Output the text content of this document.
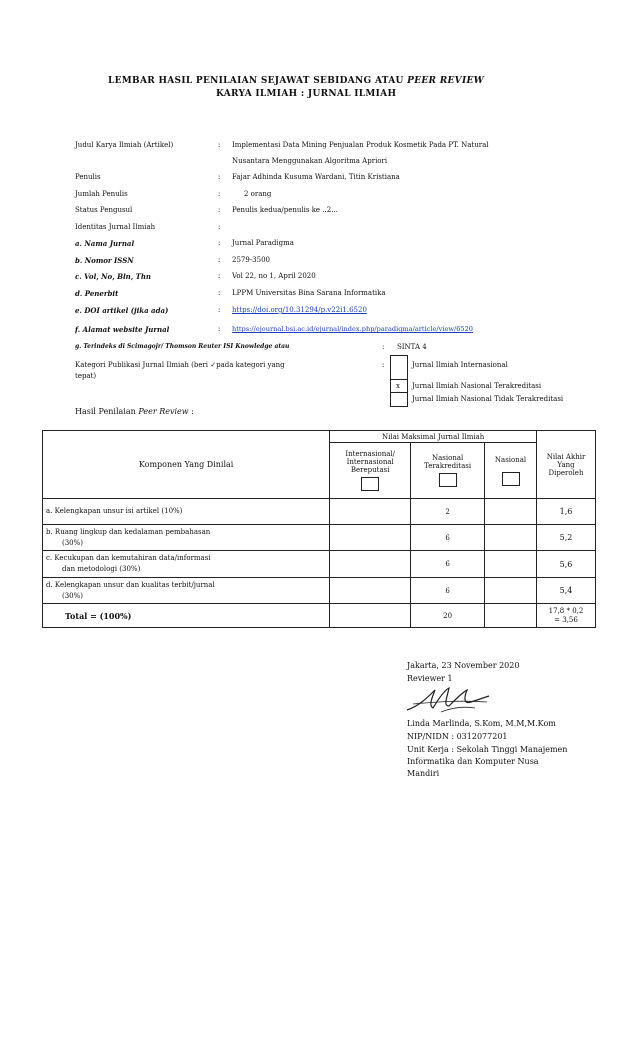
LEMBAR HASIL PENILAIAN SEJAWAT SEBIDANG ATAU PEER REVIEW
KARYA ILMIAH : JURNAL ILMIAH
Judul Karya Ilmiah (Artikel)	: Implementasi Data Mining Penjualan Produk Kosmetik Pada PT. Natural
Nusantara Menggunakan Algoritma Apriori
Penulis	: Fajar Adhinda Kusuma Wardani, Titin Kristiana
Jumlah Penulis	:	2 orang
Status Pengusul	: Penulis kedua/penulis ke ..2...
Identitas Jurnal Ilmiah	:
a. Nama Jurnal	: Jurnal Paradigma
b. Nomor ISSN	: 2579-3500
c. Vol, No, Bln, Thn	: Vol 22, no 1, April 2020
d. Penerbit	: LPPM Universitas Bina Sarana Informatika
e. DOI artikel (jika ada)	: https://doi.org/10.31294/p.v22i1.6520
f. Alamat website Jurnal	: https://ejournal.bsi.ac.id/ejurnal/index.php/paradigma/article/view/6520
g. Terindeks di Scimagojr/ Thomson Reuter ISI Knowledge atau	: SINTA 4
Kategori Publikasi Jurnal Ilmiah (beri ✓pada kategori yang
tepat)
:	Jurnal Ilmiah Internasional
x Jurnal Ilmiah Nasional Terakreditasi
Jurnal Ilmiah Nasional Tidak Terakreditasi
Hasil Penilaian Peer Review :
Komponen Yang Dinilai	Nilai Maksimal Jurnal Ilmiah			Nilai Akhir Yang Diperoleh

	Internasional/ Internasional Bereputasi	Nasional Terakreditasi	Nasional	

a. Kelengkapan unsur isi artikel (10%)		2		1,6

b. Ruang lingkup dan kedalaman pembahasan
(30%)		6		5,2

c. Kecukupan dan kemutahiran data/informasi
dan metodologi (30%)		6		5,6

d. Kelengkapan unsur dan kualitas terbit/jurnal
(30%)		6		5,4
Total = (100%)		20		17,8 * 0,2
= 3,56
Jakarta, 23 November 2020
Reviewer 1
Linda Marlinda, S.Kom, M.M,M.Kom
NIP/NIDN : 0312077201
Unit Kerja : Sekolah Tinggi Manajemen
Informatika dan Komputer Nusa
Mandiri
